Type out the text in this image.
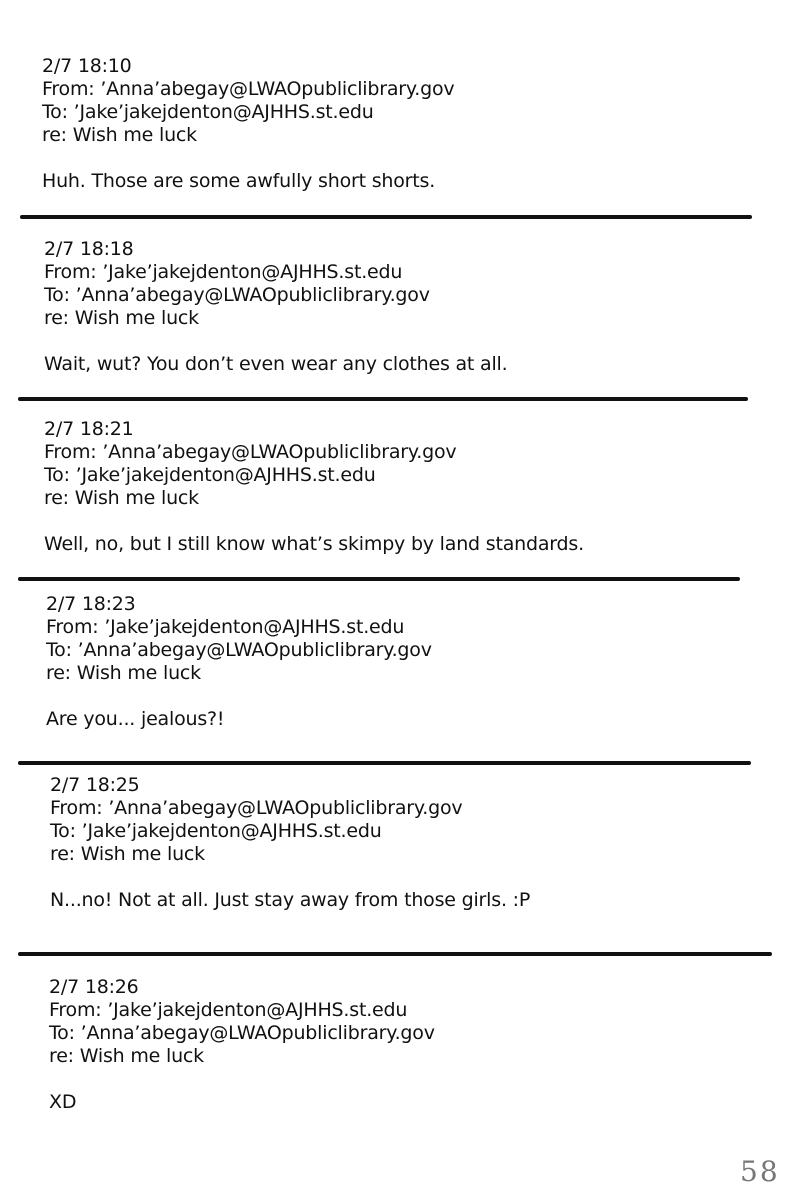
2/7 18:10
From: ’Anna’abegay@LWAOpubliclibrary.gov
To: ’Jake’jakejdenton@AJHHS.st.edu
re: Wish me luck
Huh. Those are some awfully short shorts.
2/7 18:18
From: ’Jake’jakejdenton@AJHHS.st.edu
To: ’Anna’abegay@LWAOpubliclibrary.gov
re: Wish me luck
Wait, wut? You don’t even wear any clothes at all.
2/7 18:21
From: ’Anna’abegay@LWAOpubliclibrary.gov
To: ’Jake’jakejdenton@AJHHS.st.edu
re: Wish me luck
Well, no, but I still know what’s skimpy by land standards.
2/7 18:23
From: ’Jake’jakejdenton@AJHHS.st.edu
To: ’Anna’abegay@LWAOpubliclibrary.gov
re: Wish me luck
Are you... jealous?!
2/7 18:25
From: ’Anna’abegay@LWAOpubliclibrary.gov
To: ’Jake’jakejdenton@AJHHS.st.edu
re: Wish me luck
N...no! Not at all. Just stay away from those girls. :P
2/7 18:26
From: ’Jake’jakejdenton@AJHHS.st.edu
To: ’Anna’abegay@LWAOpubliclibrary.gov
re: Wish me luck
XD
58
